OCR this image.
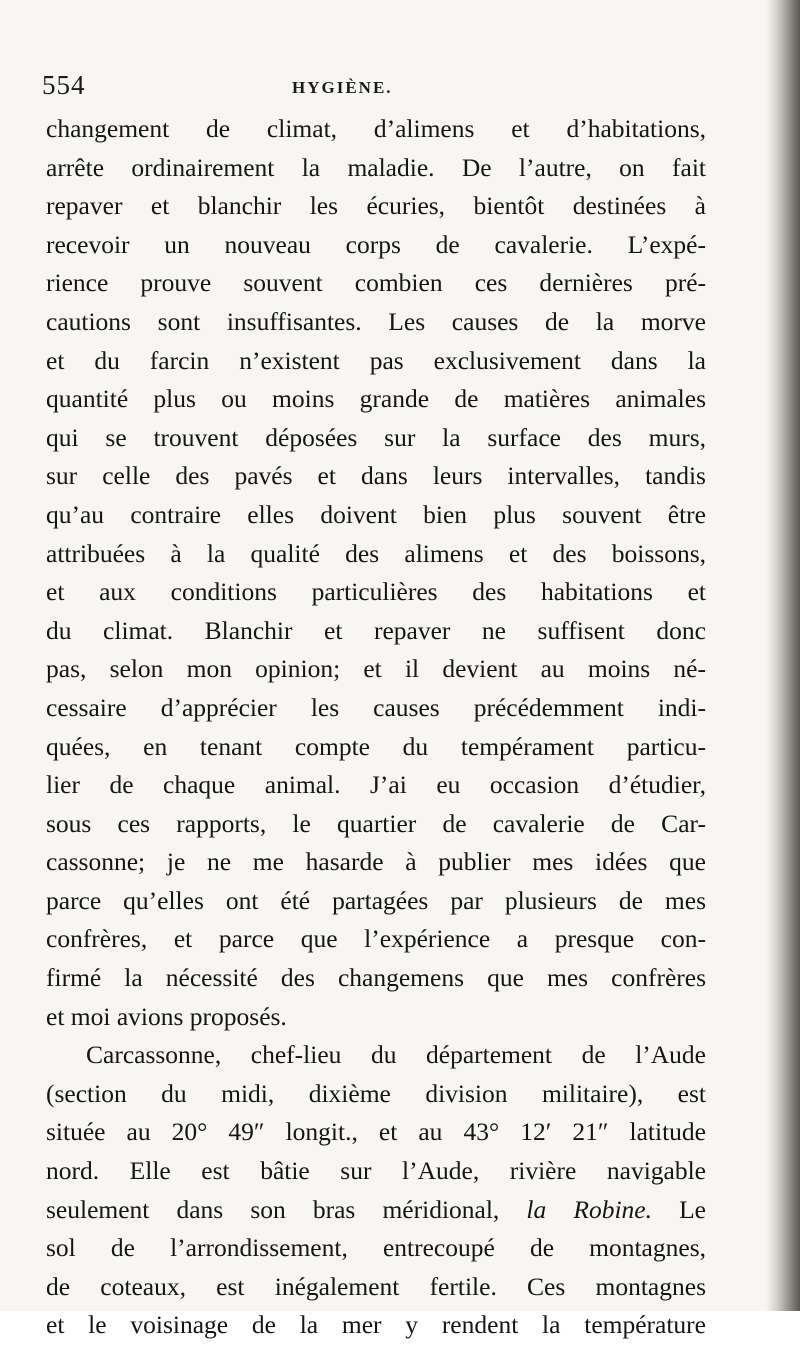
554	HYGIÈNE.
changement de climat, d’alimens et d’habitations,
arrête ordinairement la maladie. De l’autre, on fait
repaver et blanchir les écuries, bientôt destinées à
recevoir un nouveau corps de cavalerie. L’expé-
rience prouve souvent combien ces dernières pré-
cautions sont insuffisantes. Les causes de la morve
et du farcin n’existent pas exclusivement dans la
quantité plus ou moins grande de matières animales
qui se trouvent déposées sur la surface des murs,
sur celle des pavés et dans leurs intervalles, tandis
qu’au contraire elles doivent bien plus souvent être
attribuées à la qualité des alimens et des boissons,
et aux conditions particulières des habitations et
du climat. Blanchir et repaver ne suffisent donc
pas, selon mon opinion; et il devient au moins né-
cessaire d’apprécier les causes précédemment indi-
quées, en tenant compte du tempérament particu-
lier de chaque animal. J’ai eu occasion d’étudier,
sous ces rapports, le quartier de cavalerie de Car-
cassonne; je ne me hasarde à publier mes idées que
parce qu’elles ont été partagées par plusieurs de mes
confrères, et parce que l’expérience a presque con-
firmé la nécessité des changemens que mes confrères
et moi avions proposés.
Carcassonne, chef-lieu du département de l’Aude
(section du midi, dixième division militaire), est
située au 20° 49″ longit., et au 43° 12′ 21″ latitude
nord. Elle est bâtie sur l’Aude, rivière navigable
seulement dans son bras méridional, la Robine. Le
sol de l’arrondissement, entrecoupé de montagnes,
de coteaux, est inégalement fertile. Ces montagnes
et le voisinage de la mer y rendent la température
